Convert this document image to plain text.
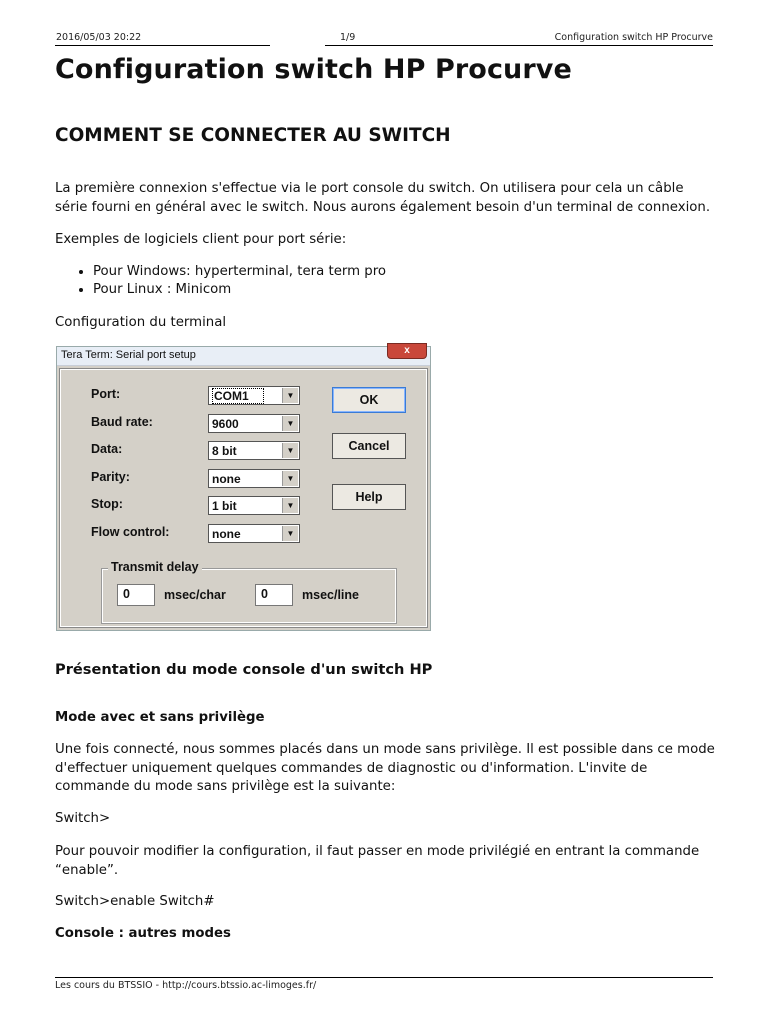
2016/05/03 20:22	1/9	Configuration switch HP Procurve
Configuration switch HP Procurve
COMMENT SE CONNECTER AU SWITCH

La première connexion s'effectue via le port console du switch. On utilisera pour cela un câble série fourni en général avec le switch. Nous aurons également besoin d'un terminal de connexion.

Exemples de logiciels client pour port série:

• Pour Windows: hyperterminal, tera term pro
• Pour Linux : Minicom

Configuration du terminal

Tera Term: Serial port setup	x
Port:	COM1	▼
Baud rate:	9600	▼
Data:	8 bit	▼
Parity:	none	▼
Stop:	1 bit	▼
Flow control:	none	▼
OK
Cancel
Help
Transmit delay
0	msec/char	0	msec/line
Présentation du mode console d'un switch HP
Mode avec et sans privilège

Une fois connecté, nous sommes placés dans un mode sans privilège. Il est possible dans ce mode d'effectuer uniquement quelques commandes de diagnostic ou d'information. L'invite de commande du mode sans privilège est la suivante:

Switch>

Pour pouvoir modifier la configuration, il faut passer en mode privilégié en entrant la commande “enable”.

Switch>enable Switch#

Console : autres modes
Les cours du BTSSIO - http://cours.btssio.ac-limoges.fr/
